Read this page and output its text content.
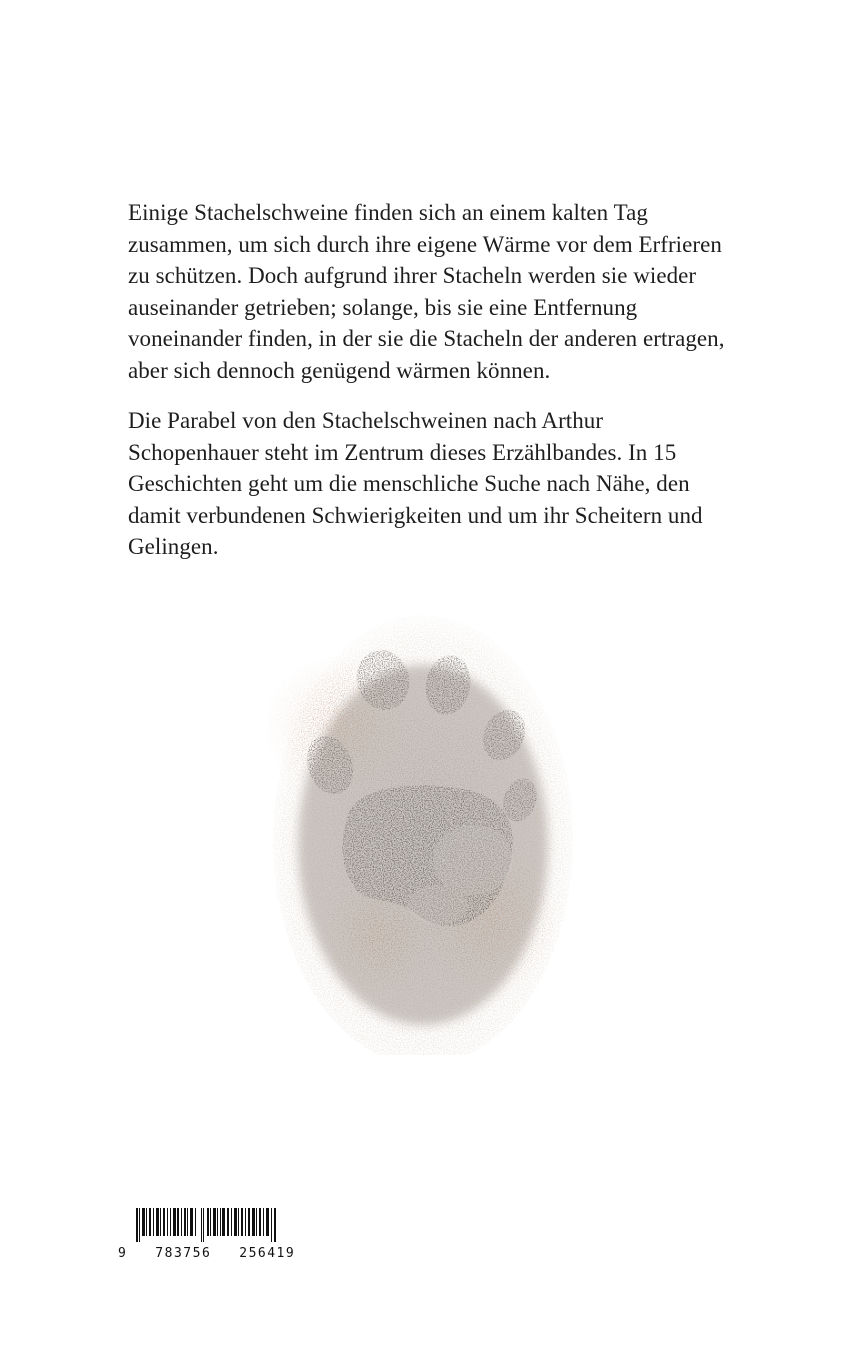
Einige Stachelschweine finden sich an einem kalten Tag
zusammen, um sich durch ihre eigene Wärme vor dem Erfrieren
zu schützen. Doch aufgrund ihrer Stacheln werden sie wieder
auseinander getrieben; solange, bis sie eine Entfernung
voneinander finden, in der sie die Stacheln der anderen ertragen,
aber sich dennoch genügend wärmen können.
Die Parabel von den Stachelschweinen nach Arthur
Schopenhauer steht im Zentrum dieses Erzählbandes. In 15
Geschichten geht um die menschliche Suche nach Nähe, den
damit verbundenen Schwierigkeiten und um ihr Scheitern und
Gelingen.
9   783756   256419
